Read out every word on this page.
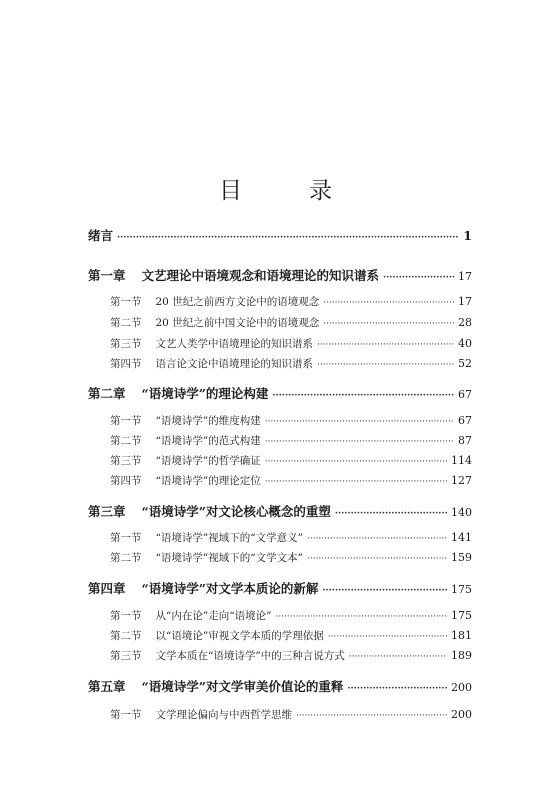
目　录
绪言 ·····	1
第一章 文艺理论中语境观念和语境理论的知识谱系 ·····	17
第一节 20 世纪之前西方文论中的语境观念 ·····	17
第二节 20 世纪之前中国文论中的语境观念 ·····	28
第三节 文艺人类学中语境理论的知识谱系 ·····	40
第四节 语言论文论中语境理论的知识谱系 ·····	52
第二章 “语境诗学”的理论构建 ·····	67
第一节 “语境诗学”的维度构建 ·····	67
第二节 “语境诗学”的范式构建 ·····	87
第三节 “语境诗学”的哲学确证 ·····	114
第四节 “语境诗学”的理论定位 ·····	127
第三章 “语境诗学”对文论核心概念的重塑 ·····	140
第一节 “语境诗学”视域下的“文学意义” ·····	141
第二节 “语境诗学”视域下的“文学文本” ·····	159
第四章 “语境诗学”对文学本质论的新解 ·····	175
第一节 从“内在论”走向“语境论” ·····	175
第二节 以“语境论”审视文学本质的学理依据 ·····	181
第三节 文学本质在“语境诗学”中的三种言说方式 ·····	189
第五章 “语境诗学”对文学审美价值论的重释 ·····	200
第一节 文学理论偏向与中西哲学思维 ·····	200
